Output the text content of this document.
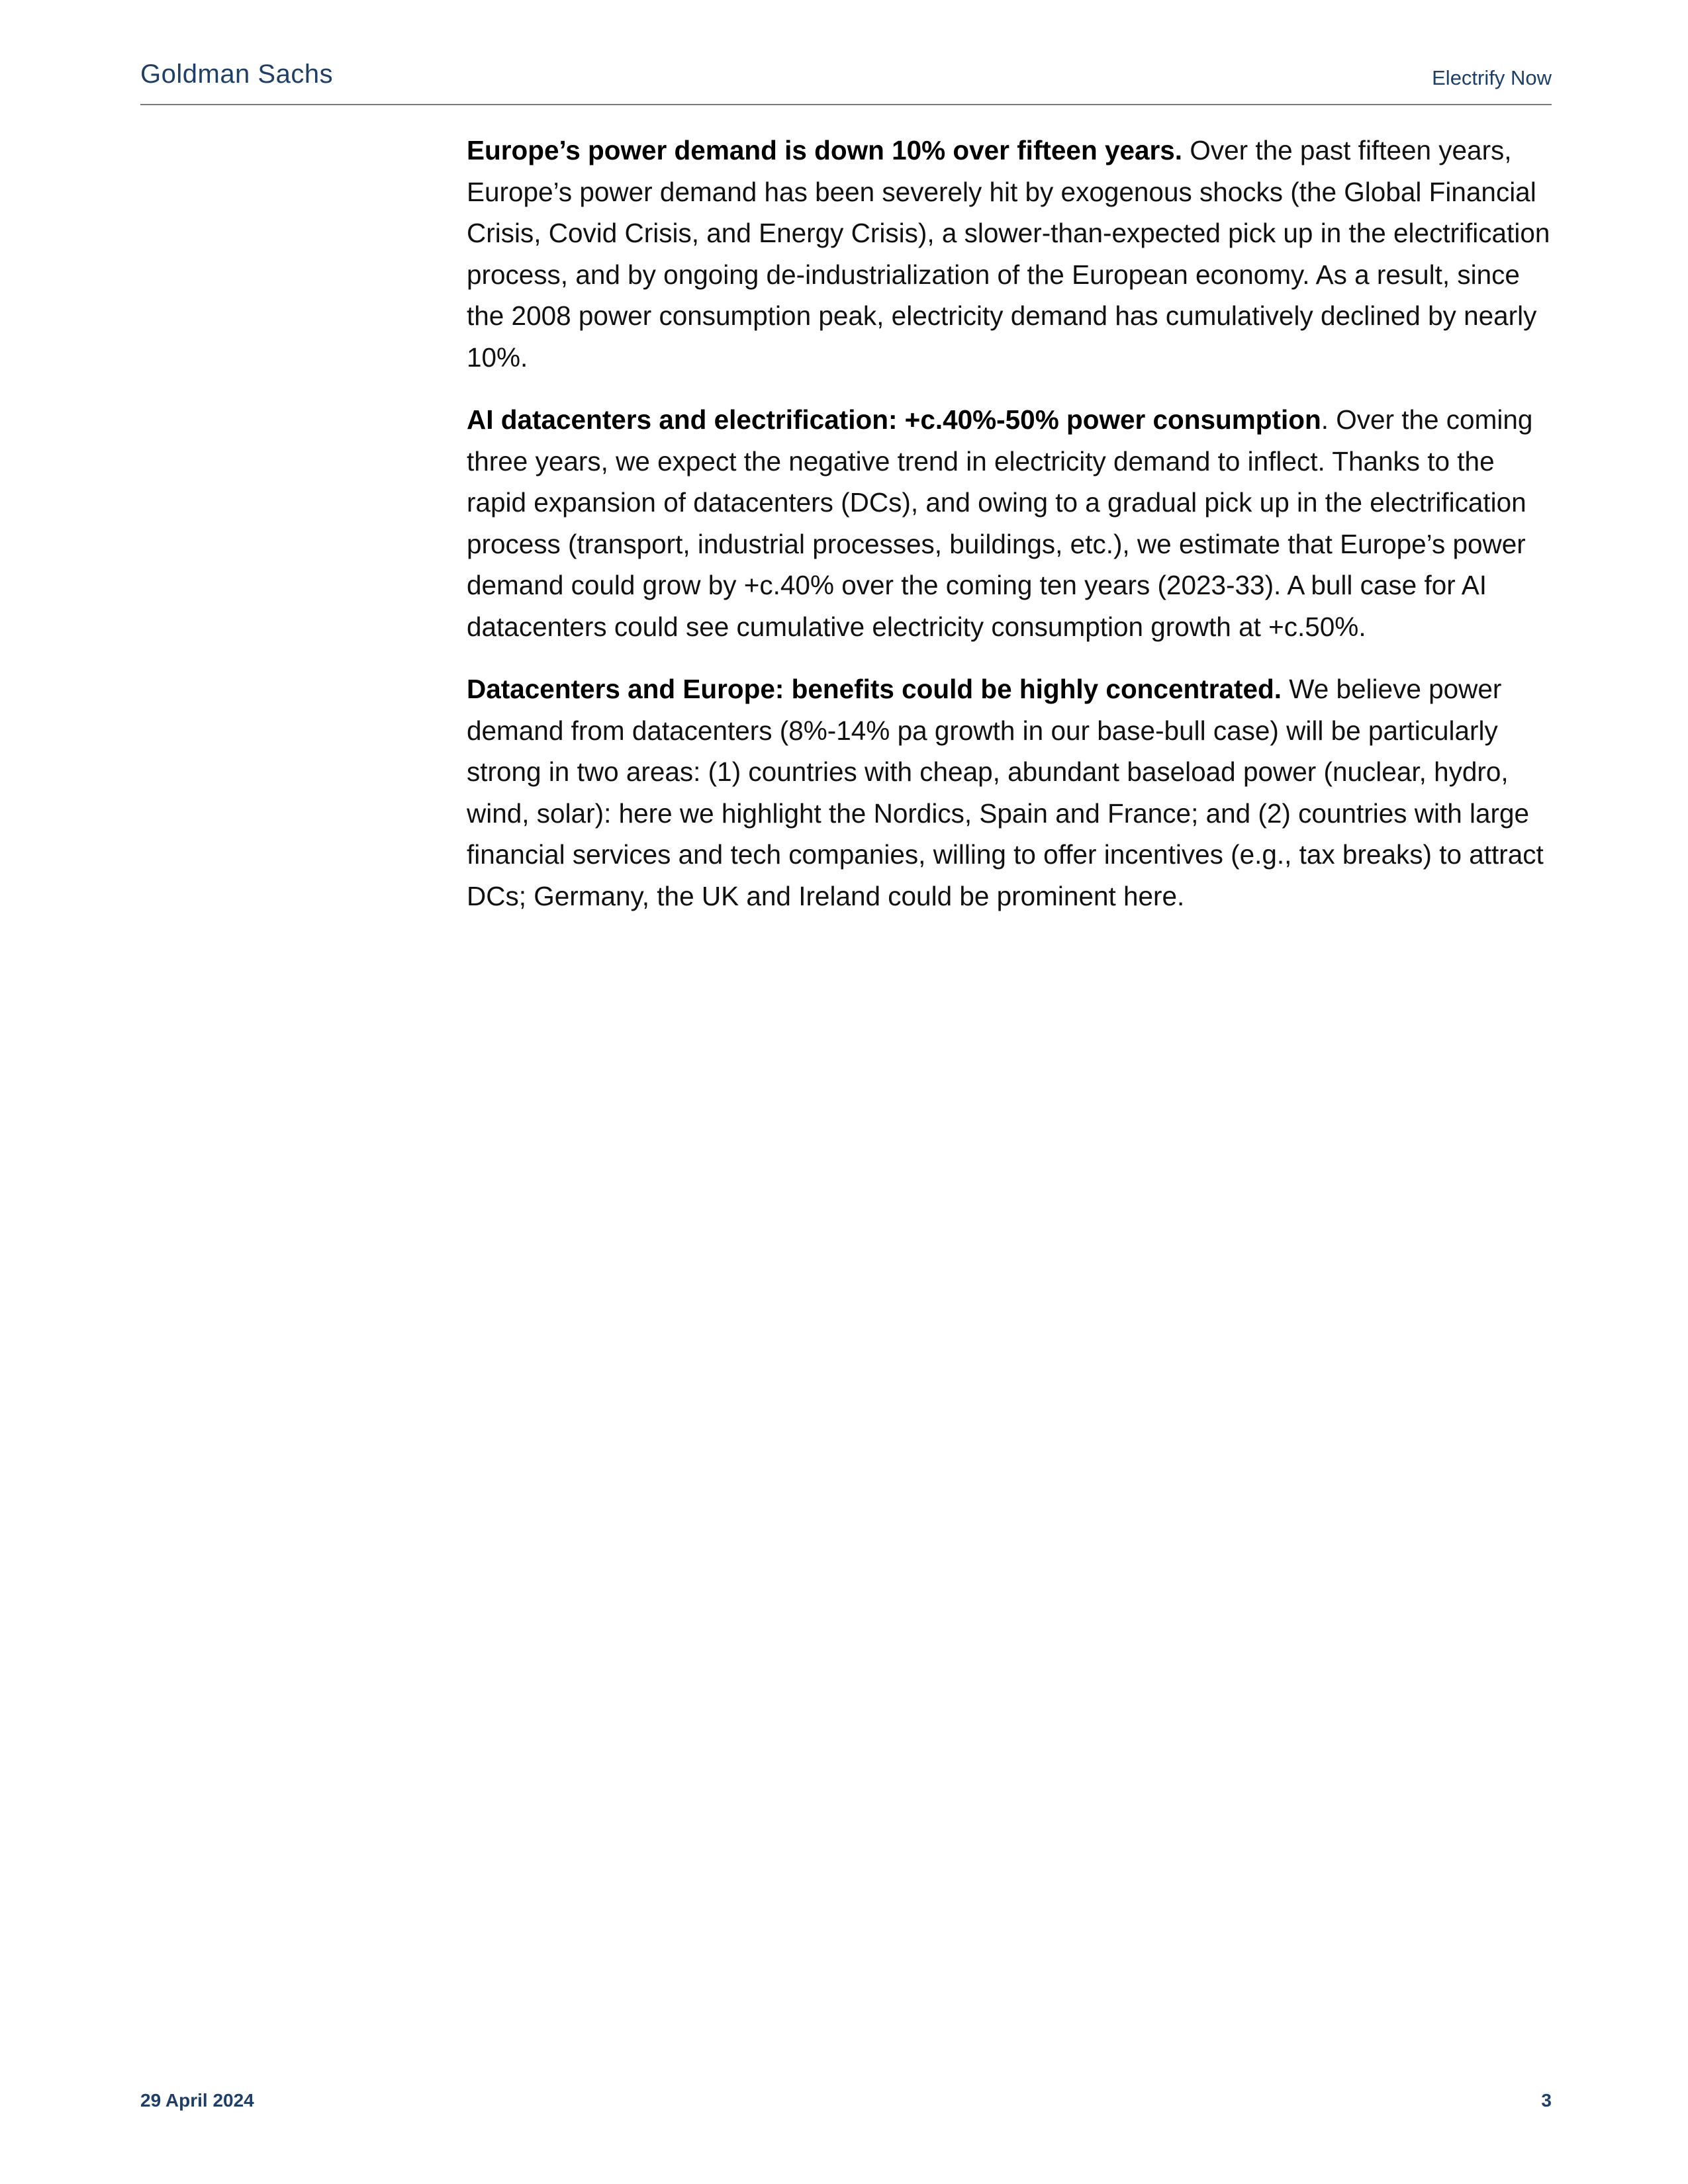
Goldman Sachs	Electrify Now

Europe’s power demand is down 10% over fifteen years. Over the past fifteen years, Europe’s power demand has been severely hit by exogenous shocks (the Global Financial Crisis, Covid Crisis, and Energy Crisis), a slower-than-expected pick up in the electrification process, and by ongoing de-industrialization of the European economy. As a result, since the 2008 power consumption peak, electricity demand has cumulatively declined by nearly 10%.

AI datacenters and electrification: +c.40%-50% power consumption. Over the coming three years, we expect the negative trend in electricity demand to inflect. Thanks to the rapid expansion of datacenters (DCs), and owing to a gradual pick up in the electrification process (transport, industrial processes, buildings, etc.), we estimate that Europe’s power demand could grow by +c.40% over the coming ten years (2023-33). A bull case for AI datacenters could see cumulative electricity consumption growth at +c.50%.

Datacenters and Europe: benefits could be highly concentrated. We believe power demand from datacenters (8%-14% pa growth in our base-bull case) will be particularly strong in two areas: (1) countries with cheap, abundant baseload power (nuclear, hydro, wind, solar): here we highlight the Nordics, Spain and France; and (2) countries with large financial services and tech companies, willing to offer incentives (e.g., tax breaks) to attract DCs; Germany, the UK and Ireland could be prominent here.

29 April 2024	3
